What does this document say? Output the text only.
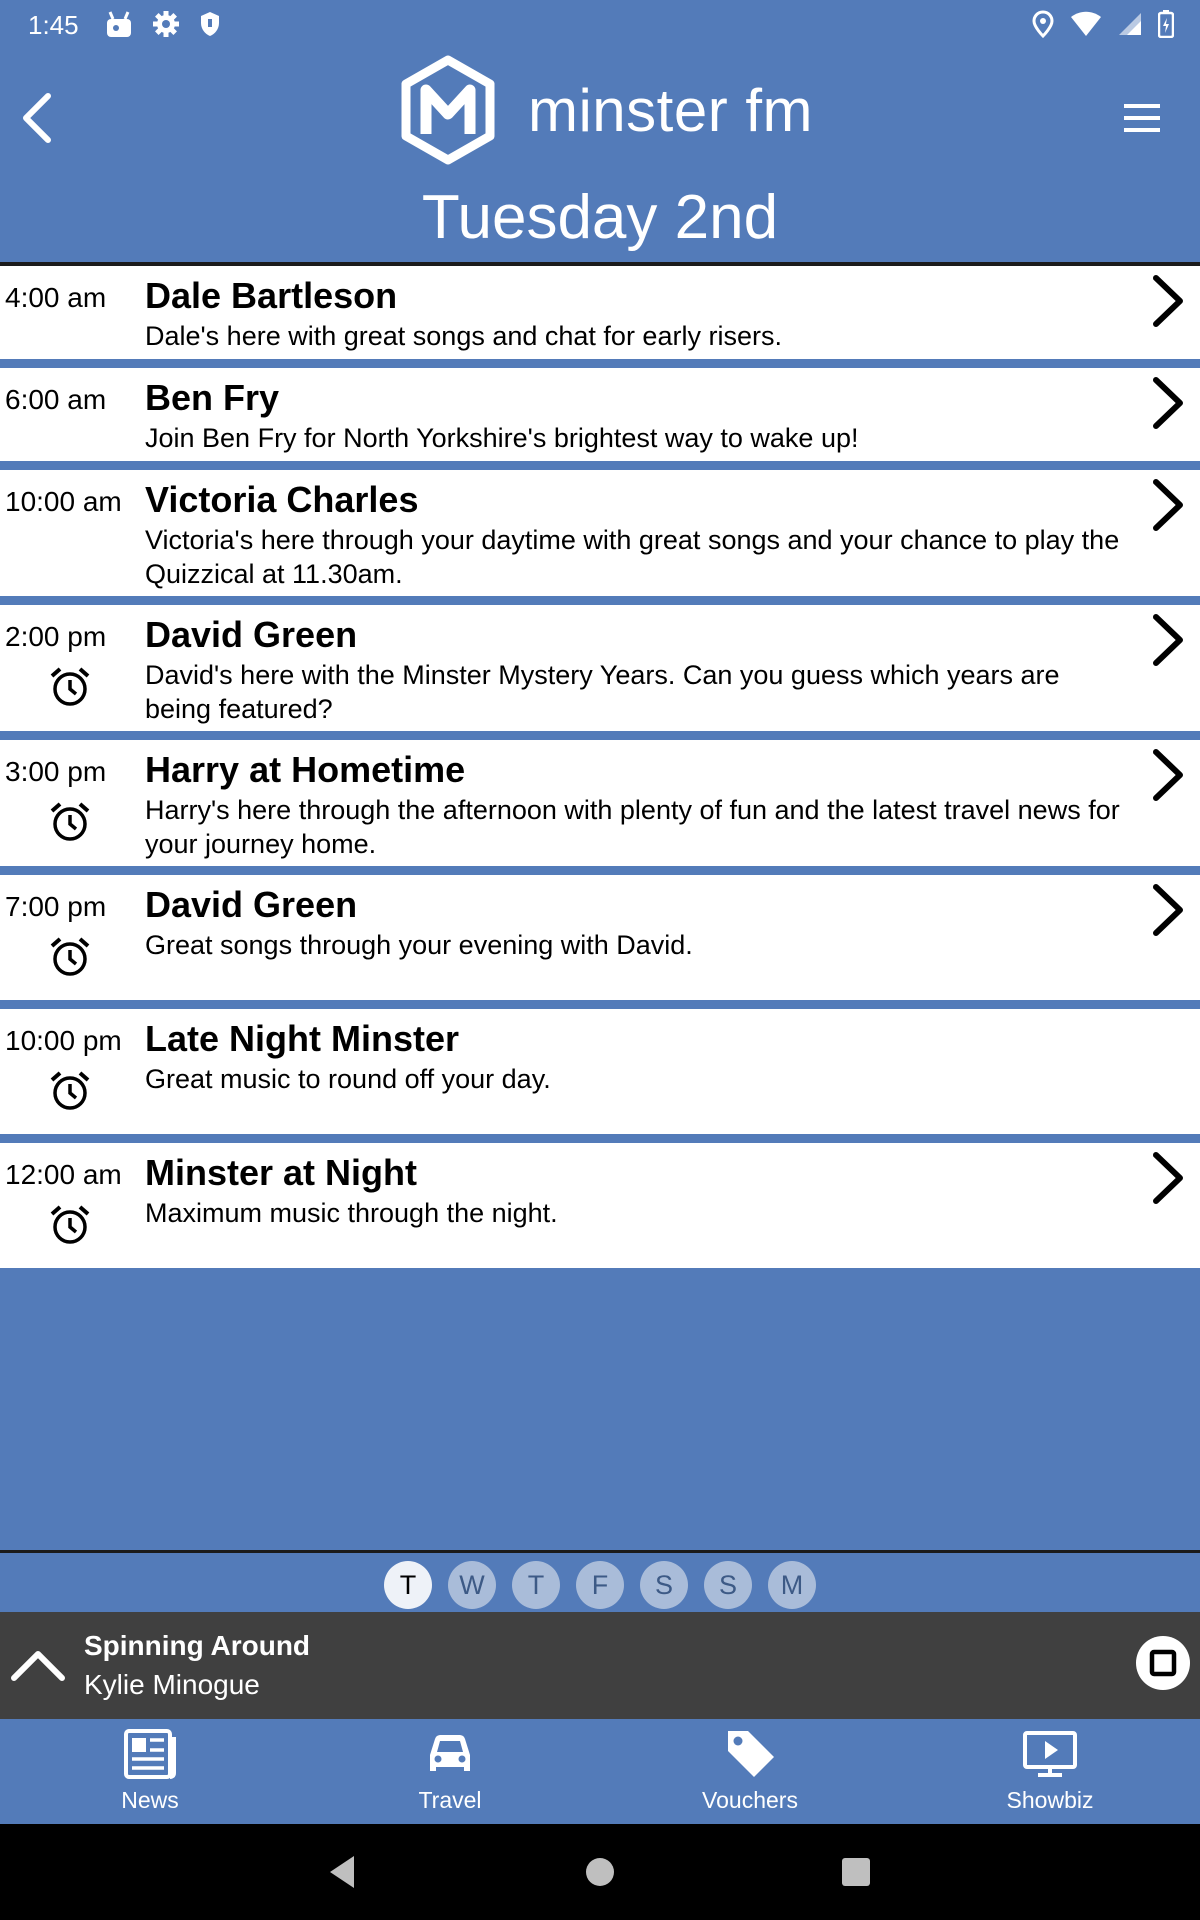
1:45
minster fm
Tuesday 2nd
4:00 am Dale Bartleson
Dale's here with great songs and chat for early risers.
6:00 am Ben Fry
Join Ben Fry for North Yorkshire's brightest way to wake up!
10:00 am Victoria Charles
Victoria's here through your daytime with great songs and your chance to play the Quizzical at 11.30am.
2:00 pm David Green
David's here with the Minster Mystery Years. Can you guess which years are being featured?
3:00 pm Harry at Hometime
Harry's here through the afternoon with plenty of fun and the latest travel news for your journey home.
7:00 pm David Green
Great songs through your evening with David.
10:00 pm Late Night Minster
Great music to round off your day.
12:00 am Minster at Night
Maximum music through the night.
T	W	T	F	S	S	M
Spinning Around
Kylie Minogue
News	Travel	Vouchers	Showbiz
